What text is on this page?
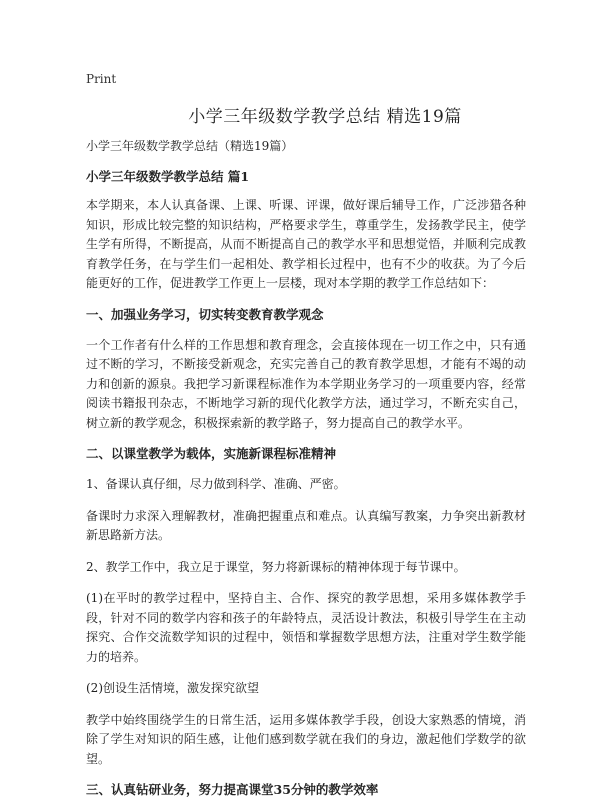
Print
小学三年级数学教学总结 精选19篇
小学三年级数学教学总结（精选19篇）
小学三年级数学教学总结 篇1

本学期来，本人认真备课、上课、听课、评课，做好课后辅导工作，广泛涉猎各种知识，形成比较完整的知识结构，严格要求学生，尊重学生，发扬教学民主，使学生学有所得，不断提高，从而不断提高自己的教学水平和思想觉悟，并顺利完成教育教学任务，在与学生们一起相处、教学相长过程中，也有不少的收获。为了今后能更好的工作，促进教学工作更上一层楼，现对本学期的教学工作总结如下：

一、加强业务学习，切实转变教育教学观念

一个工作者有什么样的工作思想和教育理念，会直接体现在一切工作之中，只有通过不断的学习，不断接受新观念，充实完善自己的教育教学思想，才能有不竭的动力和创新的源泉。我把学习新课程标准作为本学期业务学习的一项重要内容，经常阅读书籍报刊杂志，不断地学习新的现代化教学方法，通过学习，不断充实自己，树立新的教学观念，积极探索新的教学路子，努力提高自己的教学水平。

二、以课堂教学为载体，实施新课程标准精神

1、备课认真仔细，尽力做到科学、准确、严密。

备课时力求深入理解教材，准确把握重点和难点。认真编写教案，力争突出新教材新思路新方法。

2、教学工作中，我立足于课堂，努力将新课标的精神体现于每节课中。

(1)在平时的教学过程中，坚持自主、合作、探究的教学思想，采用多媒体教学手段，针对不同的数学内容和孩子的年龄特点，灵活设计教法，积极引导学生在主动探究、合作交流数学知识的过程中，领悟和掌握数学思想方法，注重对学生数学能力的培养。

(2)创设生活情境，激发探究欲望

教学中始终围绕学生的日常生活，运用多媒体教学手段，创设大家熟悉的情境，消除了学生对知识的陌生感，让他们感到数学就在我们的身边，激起他们学数学的欲望。

三、认真钻研业务，努力提高课堂35分钟的教学效率
